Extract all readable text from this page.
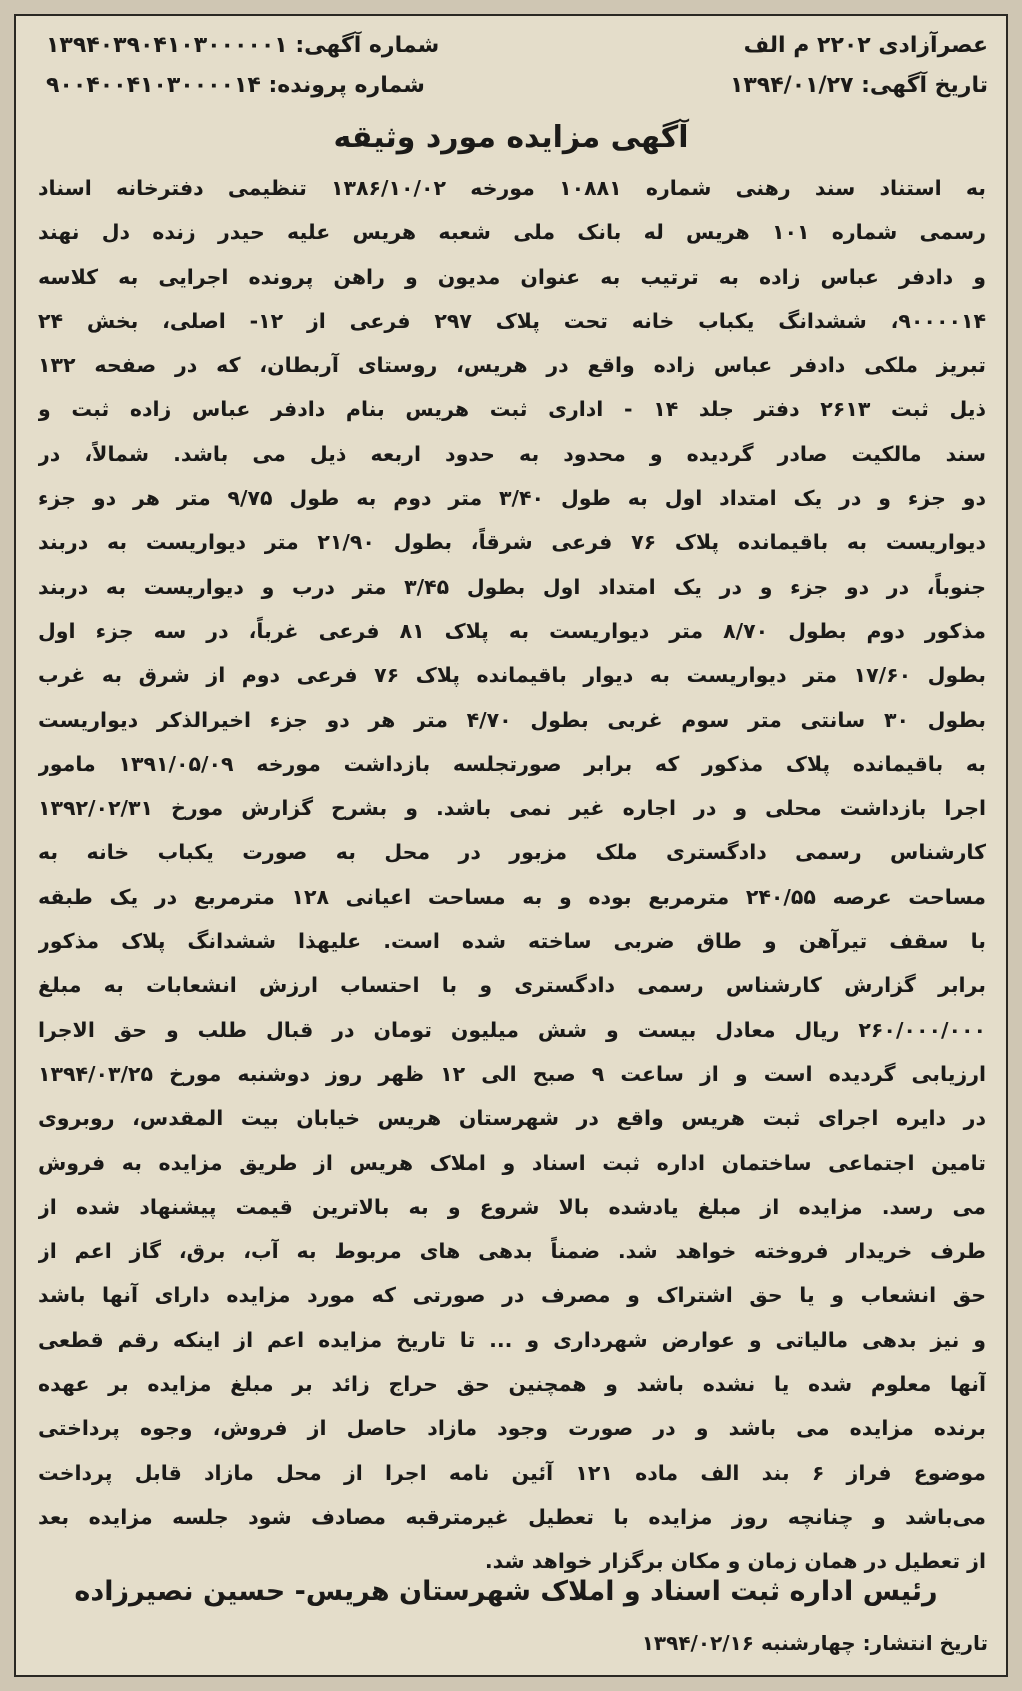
عصرآزادی ۲۲۰۲ م الف
تاریخ آگهی: ۱۳۹۴/۰۱/۲۷
شماره آگهی: ۱۳۹۴۰۳۹۰۴۱۰۳۰۰۰۰۰۱
شماره پرونده: ۹۰۰۴۰۰۴۱۰۳۰۰۰۰۱۴
آگهی مزایده مورد وثیقه
به استناد سند رهنی شماره ۱۰۸۸۱ مورخه ۱۳۸۶/۱۰/۰۲ تنظیمی دفترخانه اسناد
رسمی شماره ۱۰۱ هریس له بانک ملی شعبه هریس علیه حیدر زنده دل نهند
و دادفر عباس زاده به ترتیب به عنوان مدیون و راهن پرونده اجرایی به کلاسه
۹۰۰۰۰۱۴، ششدانگ یکباب خانه تحت پلاک ۲۹۷ فرعی از ۱۲- اصلی، بخش ۲۴
تبریز ملکی دادفر عباس زاده واقع در هریس، روستای آربطان، که در صفحه ۱۳۲
ذیل ثبت ۲۶۱۳ دفتر جلد ۱۴ - اداری ثبت هریس بنام دادفر عباس زاده ثبت و
سند مالکیت صادر گردیده و محدود به حدود اربعه ذیل می باشد. شمالاً، در
دو جزء و در یک امتداد اول به طول ۳/۴۰ متر دوم به طول ۹/۷۵ متر هر دو جزء
دیواریست به باقیمانده پلاک ۷۶ فرعی شرقاً، بطول ۲۱/۹۰ متر دیواریست به دربند
جنوباً، در دو جزء و در یک امتداد اول بطول ۳/۴۵ متر درب و دیواریست به دربند
مذکور دوم بطول ۸/۷۰ متر دیواریست به پلاک ۸۱ فرعی غرباً، در سه جزء اول
بطول ۱۷/۶۰ متر دیواریست به دیوار باقیمانده پلاک ۷۶ فرعی دوم از شرق به غرب
بطول ۳۰ سانتی متر سوم غربی بطول ۴/۷۰ متر هر دو جزء اخیرالذکر دیواریست
به باقیمانده پلاک مذکور که برابر صورتجلسه بازداشت مورخه ۱۳۹۱/۰۵/۰۹ مامور
اجرا بازداشت محلی و در اجاره غیر نمی باشد. و بشرح گزارش مورخ ۱۳۹۲/۰۲/۳۱
کارشناس رسمی دادگستری ملک مزبور در محل به صورت یکباب خانه به
مساحت عرصه ۲۴۰/۵۵ مترمربع بوده و به مساحت اعیانی ۱۲۸ مترمربع در یک طبقه
با سقف تیرآهن و طاق ضربی ساخته شده است. علیهذا ششدانگ پلاک مذکور
برابر گزارش کارشناس رسمی دادگستری و با احتساب ارزش انشعابات به مبلغ
۲۶۰/۰۰۰/۰۰۰ ریال معادل بیست و شش میلیون تومان در قبال طلب و حق الاجرا
ارزیابی گردیده است و از ساعت ۹ صبح الی ۱۲ ظهر روز دوشنبه مورخ ۱۳۹۴/۰۳/۲۵
در دایره اجرای ثبت هریس واقع در شهرستان هریس خیابان بیت المقدس، روبروی
تامین اجتماعی ساختمان اداره ثبت اسناد و املاک هریس از طریق مزایده به فروش
می رسد. مزایده از مبلغ یادشده بالا شروع و به بالاترین قیمت پیشنهاد شده از
طرف خریدار فروخته خواهد شد. ضمناً بدهی های مربوط به آب، برق، گاز اعم از
حق انشعاب و یا حق اشتراک و مصرف در صورتی که مورد مزایده دارای آنها باشد
و نیز بدهی مالیاتی و عوارض شهرداری و ... تا تاریخ مزایده اعم از اینکه رقم قطعی
آنها معلوم شده یا نشده باشد و همچنین حق حراج زائد بر مبلغ مزایده بر عهده
برنده مزایده می باشد و در صورت وجود مازاد حاصل از فروش، وجوه پرداختی
موضوع فراز ۶ بند الف ماده ۱۲۱ آئین نامه اجرا از محل مازاد قابل پرداخت
می‌باشد و چنانچه روز مزایده با تعطیل غیرمترقبه مصادف شود جلسه مزایده بعد
از تعطیل در همان زمان و مکان برگزار خواهد شد.
رئیس اداره ثبت اسناد و املاک شهرستان هریس- حسین نصیرزاده
تاریخ انتشار: چهارشنبه ۱۳۹۴/۰۲/۱۶
